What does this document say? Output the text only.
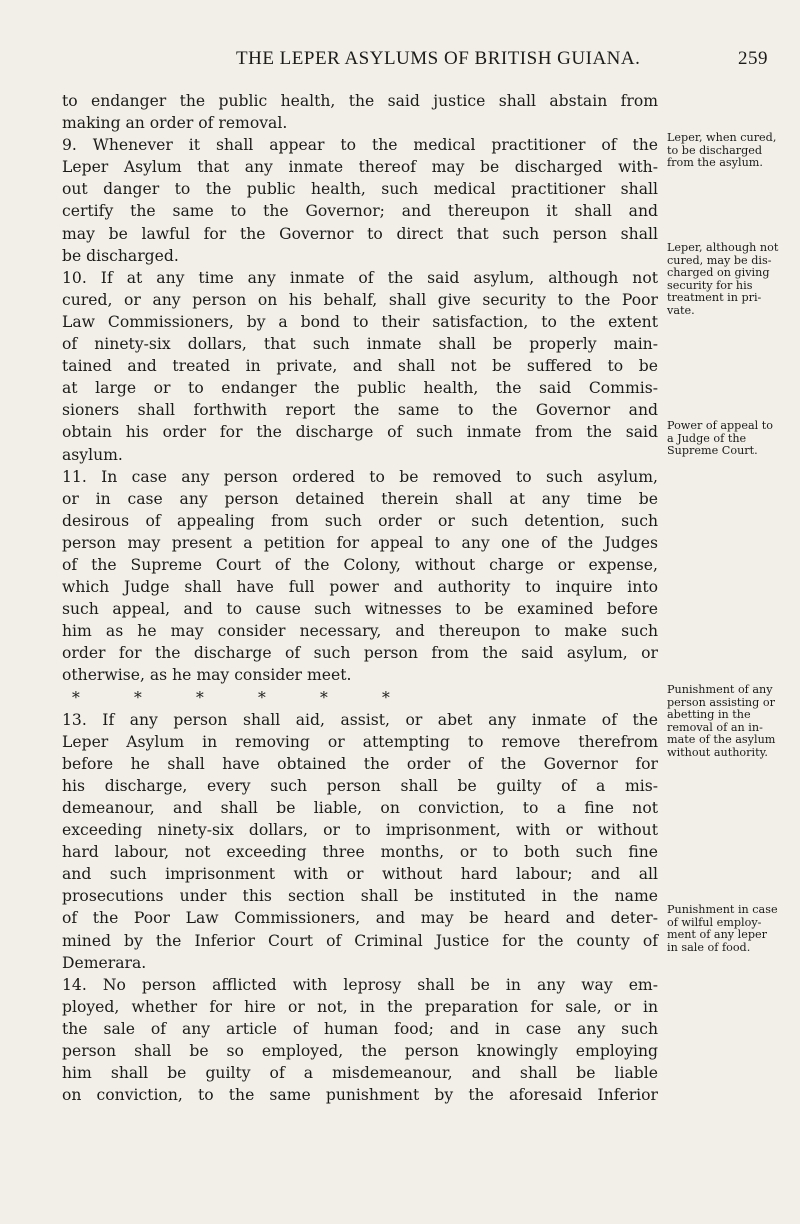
THE LEPER ASYLUMS OF BRITISH GUIANA.	259
to endanger the public health, the said justice shall abstain from
making an order of removal.
9. Whenever it shall appear to the medical practitioner of the
Leper Asylum that any inmate thereof may be discharged with-
out danger to the public health, such medical practitioner shall
certify the same to the Governor; and thereupon it shall and
may be lawful for the Governor to direct that such person shall
be discharged.
10. If at any time any inmate of the said asylum, although not
cured, or any person on his behalf, shall give security to the Poor
Law Commissioners, by a bond to their satisfaction, to the extent
of ninety-six dollars, that such inmate shall be properly main-
tained and treated in private, and shall not be suffered to be
at large or to endanger the public health, the said Commis-
sioners shall forthwith report the same to the Governor and
obtain his order for the discharge of such inmate from the said
asylum.
11. In case any person ordered to be removed to such asylum,
or in case any person detained therein shall at any time be
desirous of appealing from such order or such detention, such
person may present a petition for appeal to any one of the Judges
of the Supreme Court of the Colony, without charge or expense,
which Judge shall have full power and authority to inquire into
such appeal, and to cause such witnesses to be examined before
him as he may consider necessary, and thereupon to make such
order for the discharge of such person from the said asylum, or
otherwise, as he may consider meet.
*	*	*	*	*	*
13. If any person shall aid, assist, or abet any inmate of the
Leper Asylum in removing or attempting to remove therefrom
before he shall have obtained the order of the Governor for
his discharge, every such person shall be guilty of a mis-
demeanour, and shall be liable, on conviction, to a fine not
exceeding ninety-six dollars, or to imprisonment, with or without
hard labour, not exceeding three months, or to both such fine
and such imprisonment with or without hard labour; and all
prosecutions under this section shall be instituted in the name
of the Poor Law Commissioners, and may be heard and deter-
mined by the Inferior Court of Criminal Justice for the county of
Demerara.
14. No person afflicted with leprosy shall be in any way em-
ployed, whether for hire or not, in the preparation for sale, or in
the sale of any article of human food; and in case any such
person shall be so employed, the person knowingly employing
him shall be guilty of a misdemeanour, and shall be liable
on conviction, to the same punishment by the aforesaid Inferior
Leper, when cured,
to be discharged
from the asylum.
Leper, although not
cured, may be dis-
charged on giving
security for his
treatment in pri-
vate.
Power of appeal to
a Judge of the
Supreme Court.
Punishment of any
person assisting or
abetting in the
removal of an in-
mate of the asylum
without authority.
Punishment in case
of wilful employ-
ment of any leper
in sale of food.
